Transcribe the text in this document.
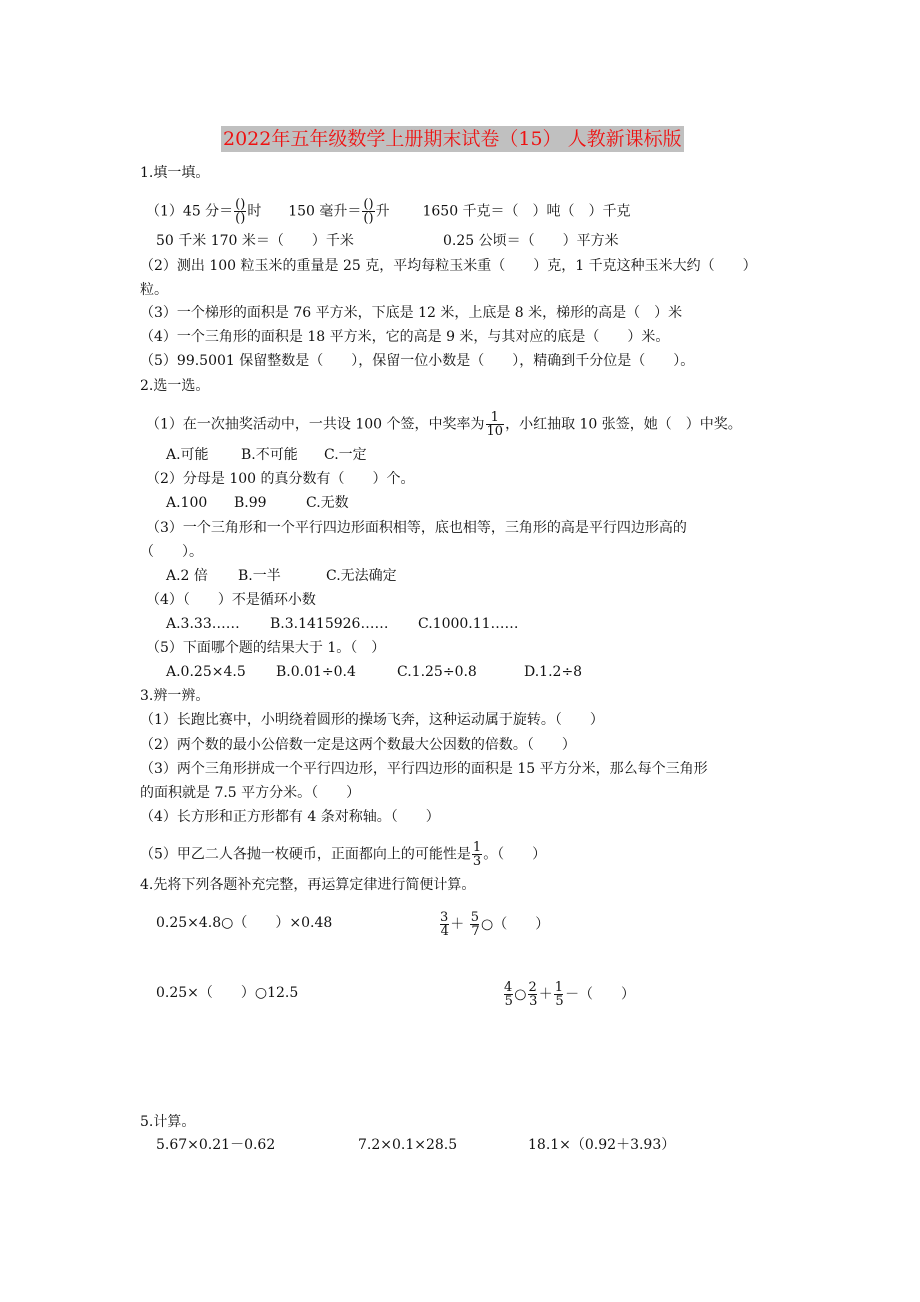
2022年五年级数学上册期末试卷（15） 人教新课标版
1.填一填。
（1）45 分＝ $\frac{()}{()}$ 时 150 毫升＝ $\frac{()}{()}$ 升 1650 千克＝（　）吨（　）千克
50 千米 170 米＝（　　）千米	0.25 公顷＝（　　）平方米
（2）测出 100 粒玉米的重量是 25 克，平均每粒玉米重（　　）克，1 千克这种玉米大约（　　）
粒。
（3）一个梯形的面积是 76 平方米，下底是 12 米，上底是 8 米，梯形的高是（　）米
（4）一个三角形的面积是 18 平方米，它的高是 9 米，与其对应的底是（　　）米。
（5）99.5001 保留整数是（　　），保留一位小数是（　　），精确到千分位是（　　）。
2.选一选。
（1）在一次抽奖活动中，一共设 100 个签，中奖率为 $\frac{1}{10}$ ，小红抽取 10 张签，她（　）中奖。
A.可能 B.不可能 C.一定
（2）分母是 100 的真分数有（　　）个。
A.100 B.99	C.无数
（3）一个三角形和一个平行四边形面积相等，底也相等，三角形的高是平行四边形高的
（　　）。
A.2 倍 B.一半	C.无法确定
（4）（　　）不是循环小数
A.3.33…… B.3.1415926…… C.1000.11……
（5）下面哪个题的结果大于 1。（　）
A.0.25×4.5 B.0.01÷0.4	C.1.25÷0.8	D.1.2÷8
3.辨一辨。
（1）长跑比赛中，小明绕着圆形的操场飞奔，这种运动属于旋转。（　　）
（2）两个数的最小公倍数一定是这两个数最大公因数的倍数。（　　）
（3）两个三角形拼成一个平行四边形，平行四边形的面积是 15 平方分米，那么每个三角形
的面积就是 7.5 平方分米。（　　）
（4）长方形和正方形都有 4 条对称轴。（　　）
（5）甲乙二人各抛一枚硬币，正面都向上的可能性是 $\frac{1}{3}$ 。（　　）
4.先将下列各题补充完整，再运算定律进行简便计算。
0.25×4.8○（　　）×0.48	$\frac{3}{4} + \frac{5}{7}$ ○（　　）
0.25×（　　）○12.5	$\frac{4}{5}$ ○ $\frac{2}{3} + \frac{1}{5}$ －（　　）
5.计算。
5.67×0.21－0.62	7.2×0.1×28.5	18.1×（0.92＋3.93）
